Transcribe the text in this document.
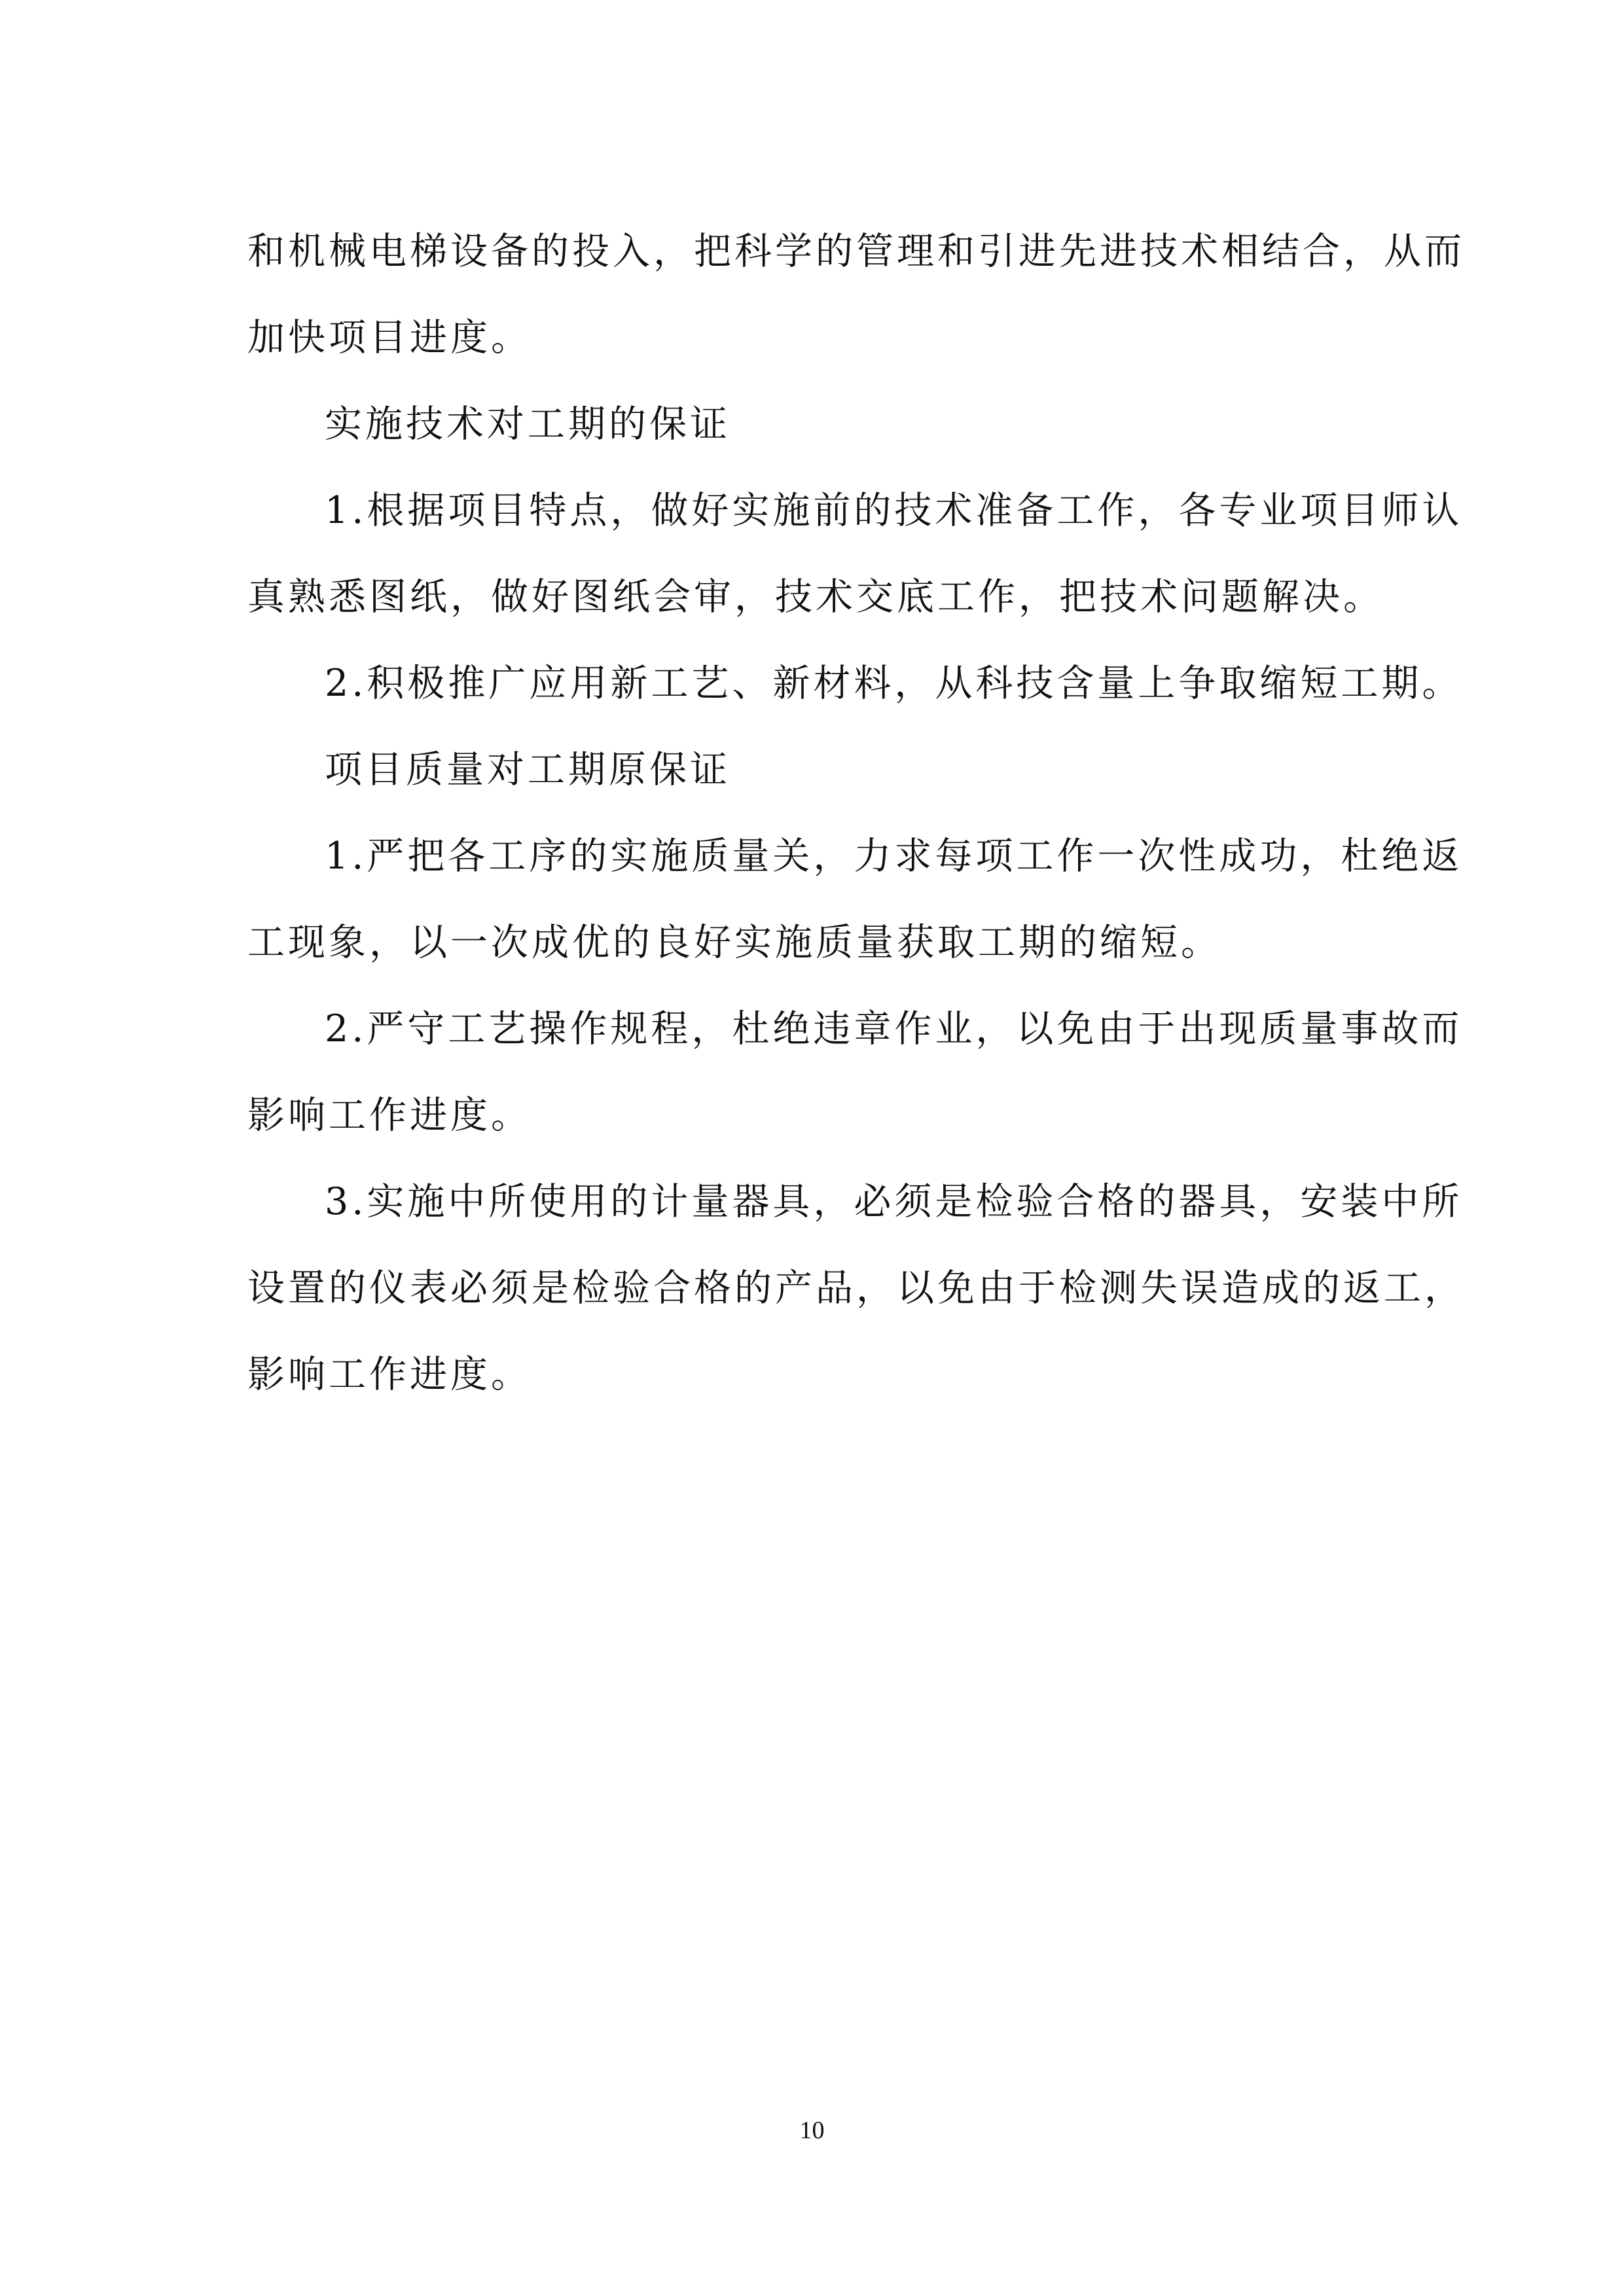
和机械电梯设备的投入，把科学的管理和引进先进技术相结合，从而

加快项目进度。

实施技术对工期的保证

1.根据项目特点，做好实施前的技术准备工作，各专业项目师认

真熟悉图纸，做好图纸会审，技术交底工作，把技术问题解决。

2.积极推广应用新工艺、新材料，从科技含量上争取缩短工期。

项目质量对工期原保证

1.严把各工序的实施质量关，力求每项工作一次性成功，杜绝返

工现象，以一次成优的良好实施质量获取工期的缩短。

2.严守工艺操作规程，杜绝违章作业，以免由于出现质量事故而

影响工作进度。

3.实施中所使用的计量器具，必须是检验合格的器具，安装中所

设置的仪表必须是检验合格的产品，以免由于检测失误造成的返工，

影响工作进度。

10
